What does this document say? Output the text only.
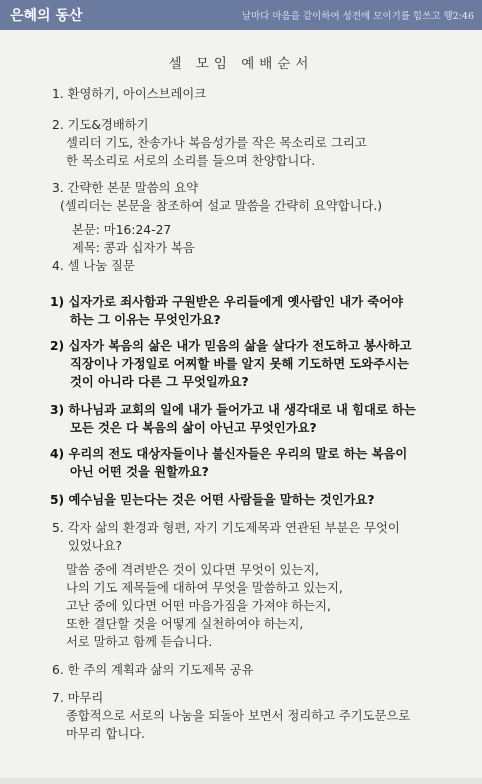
은혜의 동산	날마다 마음을 같이하여 성전에 모이기를 힘쓰고 행2:46
셀 모임 예배순서
1. 환영하기, 아이스브레이크
2. 기도&경배하기
셀리더 기도, 찬송가나 복음성가를 작은 목소리로 그리고
한 목소리로 서로의 소리를 들으며 찬양합니다.
3. 간략한 본문 말씀의 요약
(셀리더는 본문을 참조하여 설교 말씀을 간략히 요약합니다.)
본문: 마16:24-27
제목: 콩과 십자가 복음
4. 셀 나눔 질문
1) 십자가로 죄사함과 구원받은 우리들에게 옛사람인 내가 죽어야
하는 그 이유는 무엇인가요?
2) 십자가 복음의 삶은 내가 믿음의 삶을 살다가 전도하고 봉사하고
직장이나 가정일로 어찌할 바를 알지 못해 기도하면 도와주시는
것이 아니라 다른 그 무엇일까요?
3) 하나님과 교회의 일에 내가 들어가고 내 생각대로 내 힘대로 하는
모든 것은 다 복음의 삶이 아닌고 무엇인가요?
4) 우리의 전도 대상자들이나 불신자들은 우리의 말로 하는 복음이
아닌 어떤 것을 원할까요?
5) 예수님을 믿는다는 것은 어떤 사람들을 말하는 것인가요?
5. 각자 삶의 환경과 형편, 자기 기도제목과 연관된 부분은 무엇이
있었나요?
말씀 중에 격려받은 것이 있다면 무엇이 있는지,
나의 기도 제목들에 대하여 무엇을 말씀하고 있는지,
고난 중에 있다면 어떤 마음가짐을 가져야 하는지,
또한 결단할 것을 어떻게 실천하여야 하는지,
서로 말하고 함께 듣습니다.
6. 한 주의 계획과 삶의 기도제목 공유
7. 마무리
종합적으로 서로의 나눔을 되돌아 보면서 정리하고 주기도문으로
마무리 합니다.
